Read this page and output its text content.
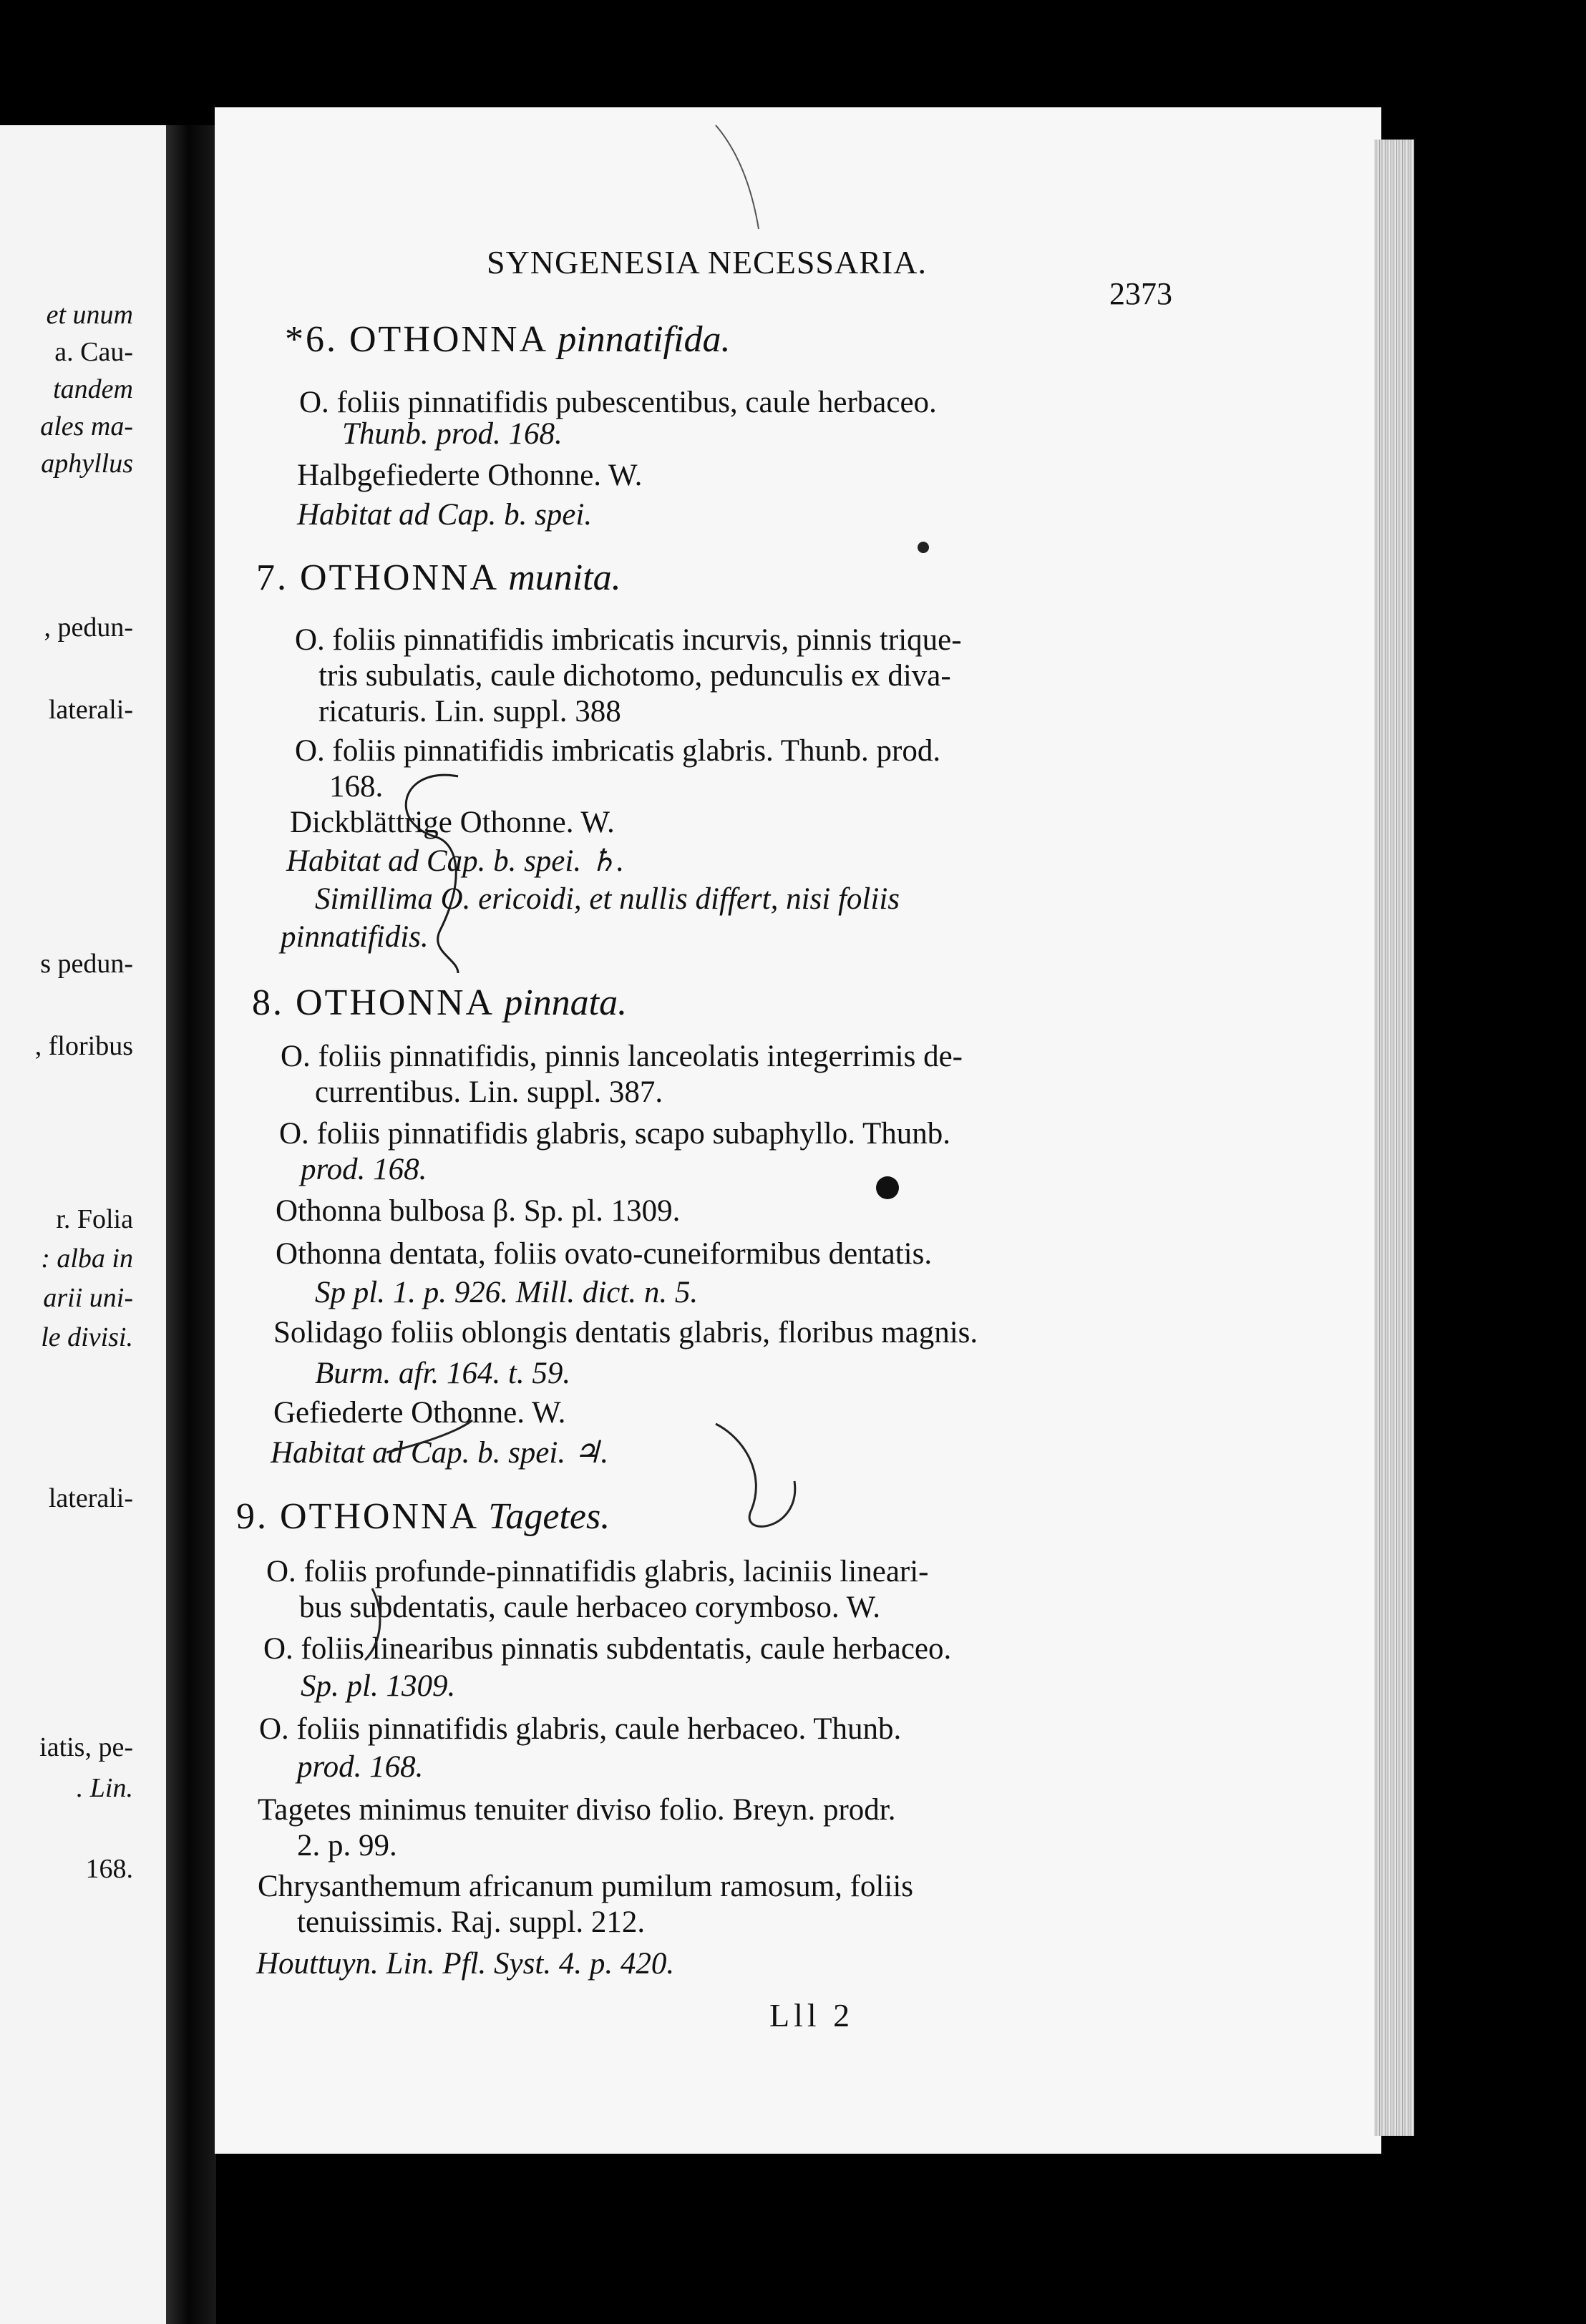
et unum
a. Cau-
tandem
ales ma-
aphyllus
, pedun-
laterali-
s pedun-
, floribus
r. Folia
: alba in
arii uni-
le divisi.
laterali-
iatis, pe-
. Lin.
168.
SYNGENESIA NECESSARIA.
2373
*6. OTHONNA pinnatifida.
O. foliis pinnatifidis pubescentibus, caule herbaceo.
Thunb. prod. 168.
Halbgefiederte Othonne. W.
Habitat ad Cap. b. spei.
7. OTHONNA munita.
O. foliis pinnatifidis imbricatis incurvis, pinnis trique-
tris subulatis, caule dichotomo, pedunculis ex diva-
ricaturis. Lin. suppl. 388
O. foliis pinnatifidis imbricatis glabris. Thunb. prod.
168.
Dickblättrige Othonne. W.
Habitat ad Cap. b. spei. ♄.
Simillima O. ericoidi, et nullis differt, nisi foliis
pinnatifidis.
8. OTHONNA pinnata.
O. foliis pinnatifidis, pinnis lanceolatis integerrimis de-
currentibus. Lin. suppl. 387.
O. foliis pinnatifidis glabris, scapo subaphyllo. Thunb.
prod. 168.
Othonna bulbosa β. Sp. pl. 1309.
Othonna dentata, foliis ovato-cuneiformibus dentatis.
Sp pl. 1. p. 926. Mill. dict. n. 5.
Solidago foliis oblongis dentatis glabris, floribus magnis.
Burm. afr. 164. t. 59.
Gefiederte Othonne. W.
Habitat ad Cap. b. spei. ♃.
9. OTHONNA Tagetes.
O. foliis profunde-pinnatifidis glabris, laciniis lineari-
bus subdentatis, caule herbaceo corymboso. W.
O. foliis linearibus pinnatis subdentatis, caule herbaceo.
Sp. pl. 1309.
O. foliis pinnatifidis glabris, caule herbaceo. Thunb.
prod. 168.
Tagetes minimus tenuiter diviso folio. Breyn. prodr.
2. p. 99.
Chrysanthemum africanum pumilum ramosum, foliis
tenuissimis. Raj. suppl. 212.
Houttuyn. Lin. Pfl. Syst. 4. p. 420.
Lll 2
